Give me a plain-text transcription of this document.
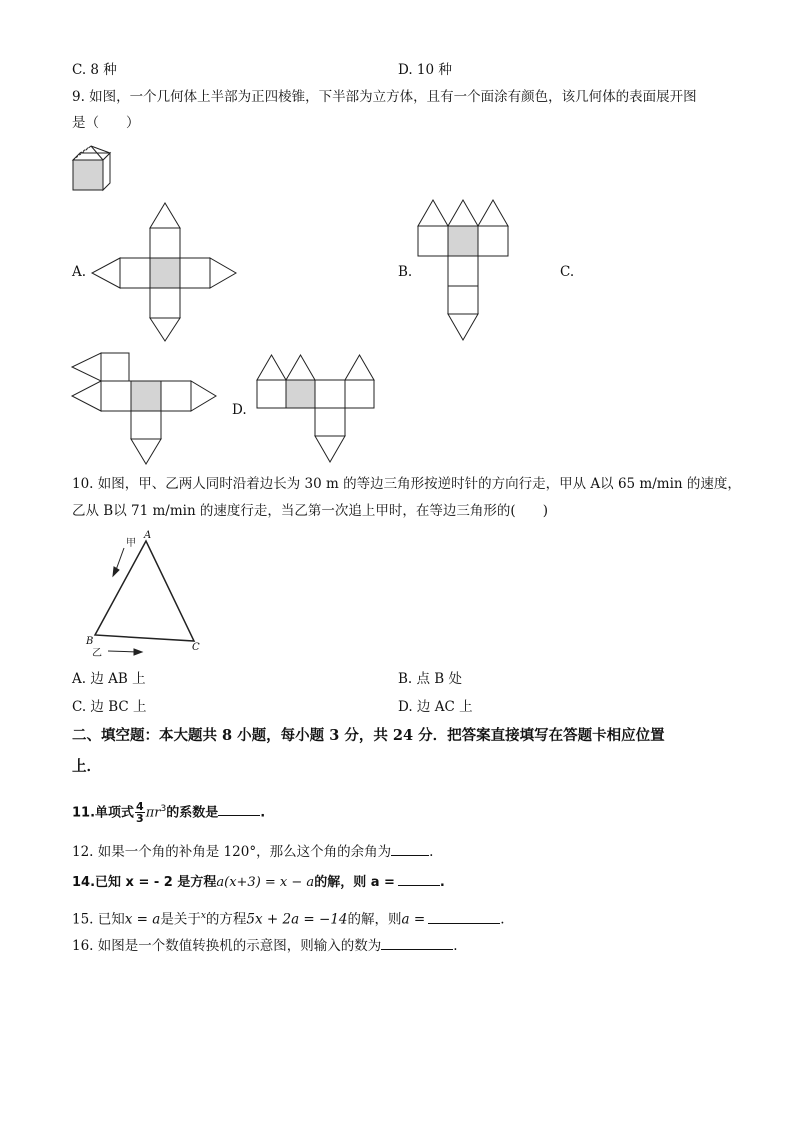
C. 8 种	D. 10 种
9. 如图，一个几何体上半部为正四棱锥，下半部为立方体，且有一个面涂有颜色，该几何体的表面展开图
是（　　）
A.	B.	C.
D.
10. 如图，甲、乙两人同时沿着边长为 30 m 的等边三角形按逆时针的方向行走，甲从 A以 65 m/min 的速度，
乙从 B以 71 m/min 的速度行走，当乙第一次追上甲时，在等边三角形的(　　)
甲
A
B
C
乙
A. 边 AB 上	B. 点 B 处
C. 边 BC 上	D. 边 AC 上
二、填空题：本大题共 8 小题，每小题 3 分，共 24 分．把答案直接填写在答题卡相应位置
上．
11.单项式 $\frac{4}{3} \pi r^3$的系数是	.
12. 如果一个角的补角是 120°，那么这个角的余角为	.
14.已知 x = - 2 是方程a(x+3) = x − a的解，则 a =	.
15. 已知x = a是关于$^x$的方程5x + 2a = −14的解，则a =	.
16. 如图是一个数值转换机的示意图，则输入的数为	.
